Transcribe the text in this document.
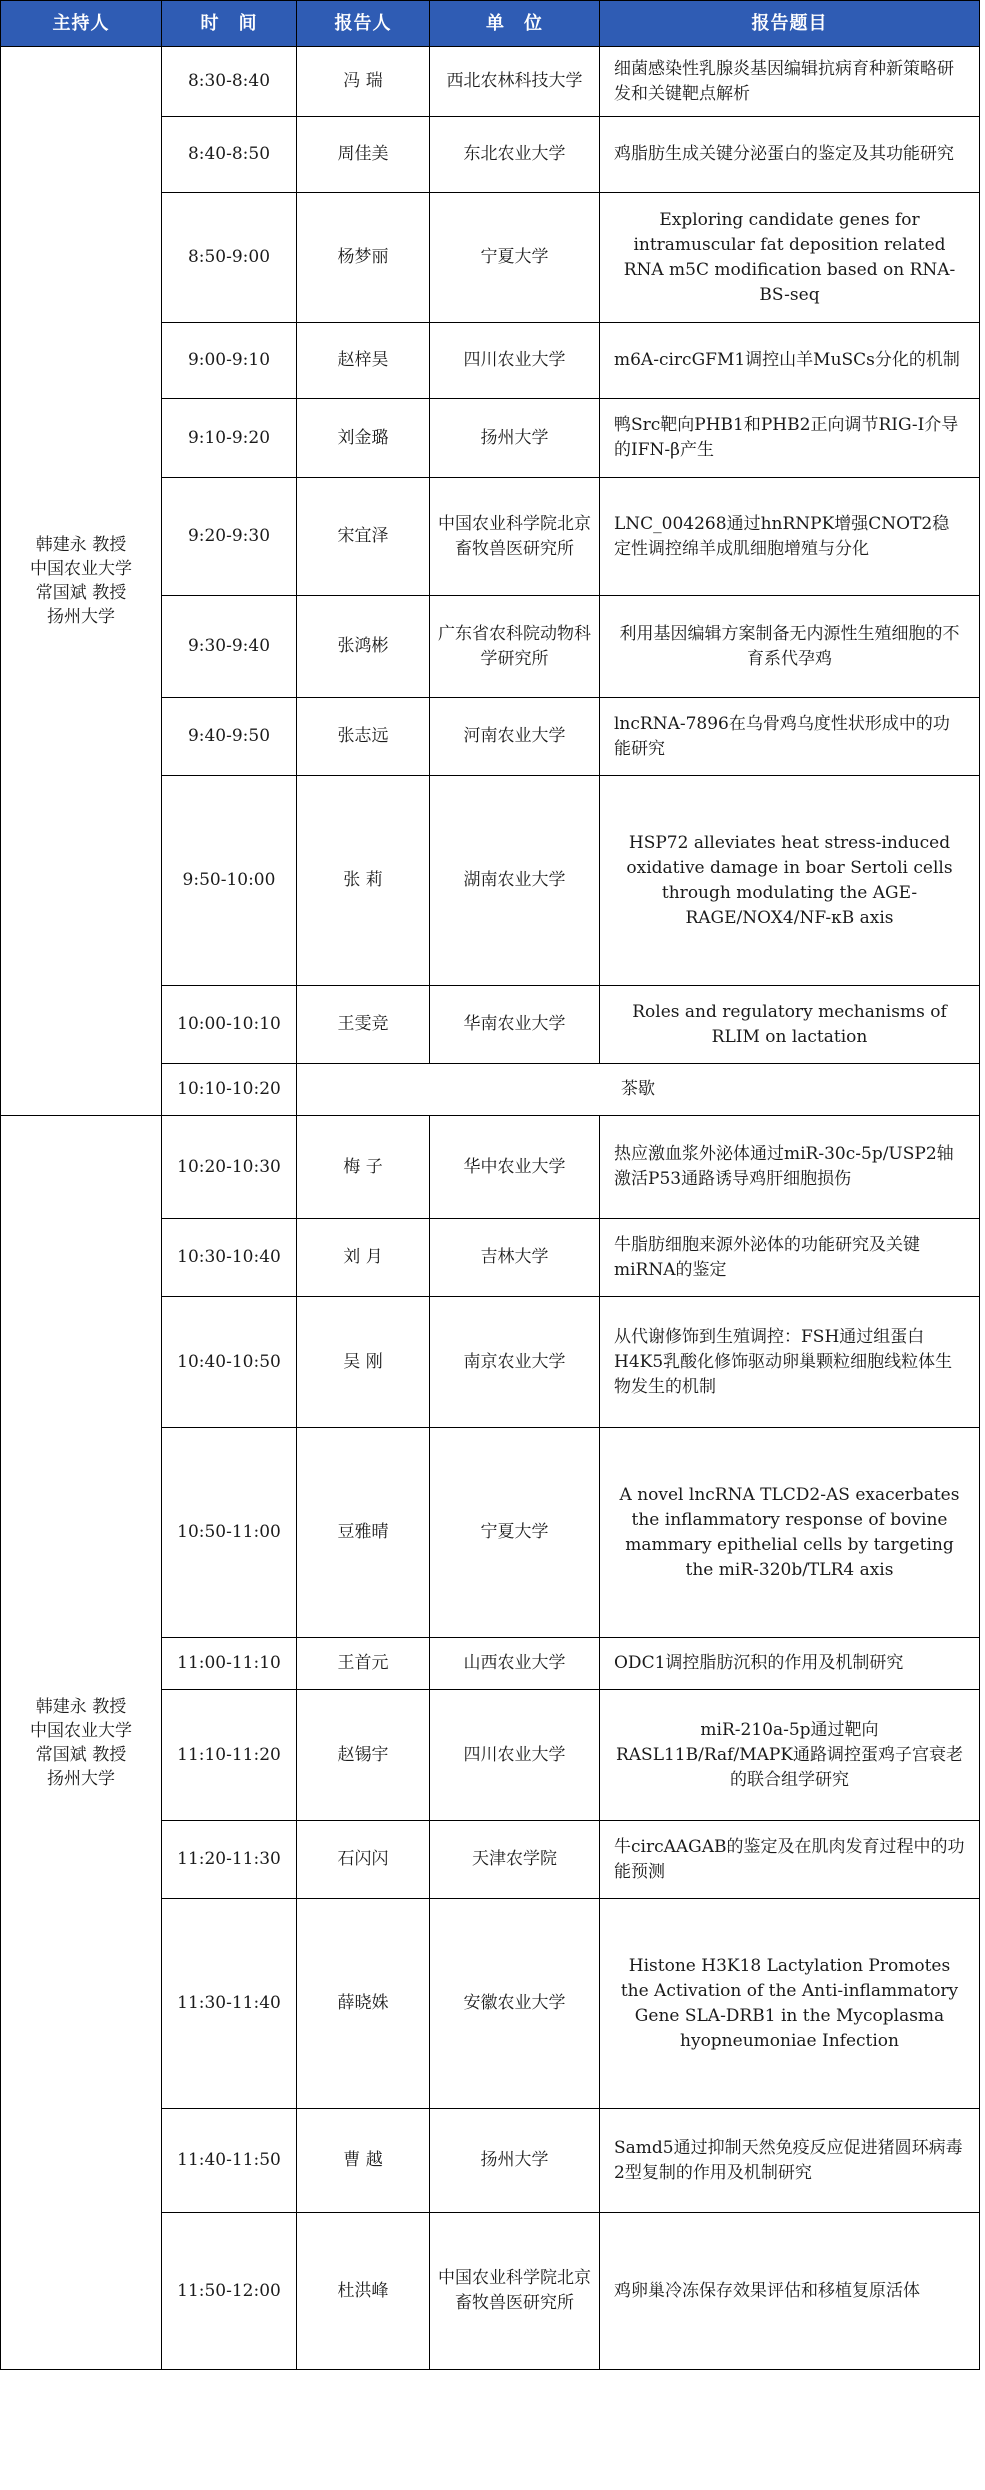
主持人	时　间	报告人	单　位	报告题目

韩建永 教授
中国农业大学
常国斌 教授
扬州大学	8:30-8:40	冯 瑞	西北农林科技大学	细菌感染性乳腺炎基因编辑抗病育种新策略研发和关键靶点解析
	8:40-8:50	周佳美	东北农业大学	鸡脂肪生成关键分泌蛋白的鉴定及其功能研究
	8:50-9:00	杨梦丽	宁夏大学	Exploring candidate genes for intramuscular fat deposition related RNA m5C modification based on RNA-BS-seq
	9:00-9:10	赵梓昊	四川农业大学	m6A-circGFM1调控山羊MuSCs分化的机制
	9:10-9:20	刘金璐	扬州大学	鸭Src靶向PHB1和PHB2正向调节RIG-I介导的IFN-β产生
	9:20-9:30	宋宜泽	中国农业科学院北京畜牧兽医研究所	LNC_004268通过hnRNPK增强CNOT2稳定性调控绵羊成肌细胞增殖与分化
	9:30-9:40	张鸿彬	广东省农科院动物科学研究所	利用基因编辑方案制备无内源性生殖细胞的不育系代孕鸡
	9:40-9:50	张志远	河南农业大学	lncRNA-7896在乌骨鸡乌度性状形成中的功能研究
	9:50-10:00	张 莉	湖南农业大学	HSP72 alleviates heat stress-induced oxidative damage in boar Sertoli cells through modulating the AGE-RAGE/NOX4/NF-κB axis
	10:00-10:10	王雯竞	华南农业大学	Roles and regulatory mechanisms of RLIM on lactation
	10:10-10:20	茶歇		

韩建永 教授
中国农业大学
常国斌 教授
扬州大学	10:20-10:30	梅 子	华中农业大学	热应激血浆外泌体通过miR-30c-5p/USP2轴激活P53通路诱导鸡肝细胞损伤
	10:30-10:40	刘 月	吉林大学	牛脂肪细胞来源外泌体的功能研究及关键miRNA的鉴定
	10:40-10:50	吴 刚	南京农业大学	从代谢修饰到生殖调控：FSH通过组蛋白H4K5乳酸化修饰驱动卵巢颗粒细胞线粒体生物发生的机制
	10:50-11:00	豆雅晴	宁夏大学	A novel lncRNA TLCD2-AS exacerbates the inflammatory response of bovine mammary epithelial cells by targeting the miR-320b/TLR4 axis
	11:00-11:10	王首元	山西农业大学	ODC1调控脂肪沉积的作用及机制研究
	11:10-11:20	赵锡宇	四川农业大学	miR-210a-5p通过靶向RASL11B/Raf/MAPK通路调控蛋鸡子宫衰老的联合组学研究
	11:20-11:30	石闪闪	天津农学院	牛circAAGAB的鉴定及在肌肉发育过程中的功能预测
	11:30-11:40	薛晓姝	安徽农业大学	Histone H3K18 Lactylation Promotes the Activation of the Anti-inflammatory Gene SLA-DRB1 in the Mycoplasma hyopneumoniae Infection
	11:40-11:50	曹 越	扬州大学	Samd5通过抑制天然免疫反应促进猪圆环病毒2型复制的作用及机制研究
	11:50-12:00	杜洪峰	中国农业科学院北京畜牧兽医研究所	鸡卵巢冷冻保存效果评估和移植复原活体
